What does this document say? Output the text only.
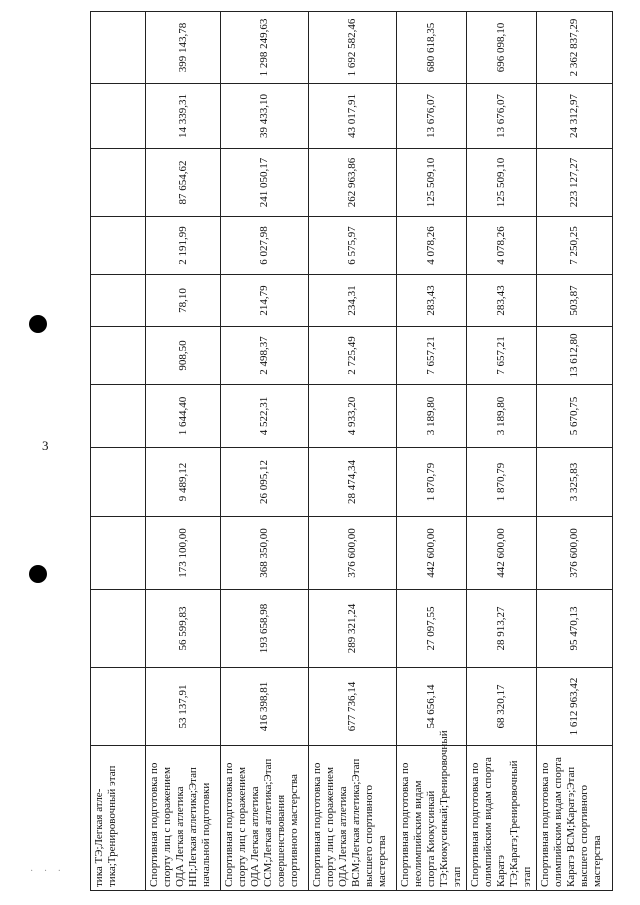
3
тика ТЭ;Легкая атле-тика;Тренировочный этап											
Спортивная подготовка по спорту лиц с поражением ОДА Легкая атлетика НП;Легкая атлетика;Этап начальной подготовки	53 137,91	56 599,83	173 100,00	9 489,12	1 644,40	908,50	78,10	2 191,99	87 654,62	14 339,31	399 143,78
Спортивная подготовка по спорту лиц с поражением ОДА Легкая атлетика ССМ;Легкая атлетика;Этап совершенствования спортивного мастерства	416 398,81	193 658,98	368 350,00	26 095,12	4 522,31	2 498,37	214,79	6 027,98	241 050,17	39 433,10	1 298 249,63
Спортивная подготовка по спорту лиц с поражением ОДА Легкая атлетика ВСМ;Легкая атлетика;Этап высшего спортивного мастерства	677 736,14	289 321,24	376 600,00	28 474,34	4 933,20	2 725,49	234,31	6 575,97	262 963,86	43 017,91	1 692 582,46
Спортивная подготовка по неолимпийским видам спорта Киокусинкай ТЭ;Киокусинкай;Тренировочный этап	54 656,14	27 097,55	442 600,00	1 870,79	3 189,80	7 657,21	283,43	4 078,26	125 509,10	13 676,07	680 618,35
Спортивная подготовка по олимпийским видам спорта Каратэ ТЭ;Каратэ;Тренировочный этап	68 320,17	28 913,27	442 600,00	1 870,79	3 189,80	7 657,21	283,43	4 078,26	125 509,10	13 676,07	696 098,10
Спортивная подготовка по олимпийским видам спорта Каратэ ВСМ;Каратэ;Этап высшего спортивного мастерства	1 612 963,42	95 470,13	376 600,00	3 325,83	5 670,75	13 612,80	503,87	7 250,25	223 127,27	24 312,97	2 362 837,29
· · ·
